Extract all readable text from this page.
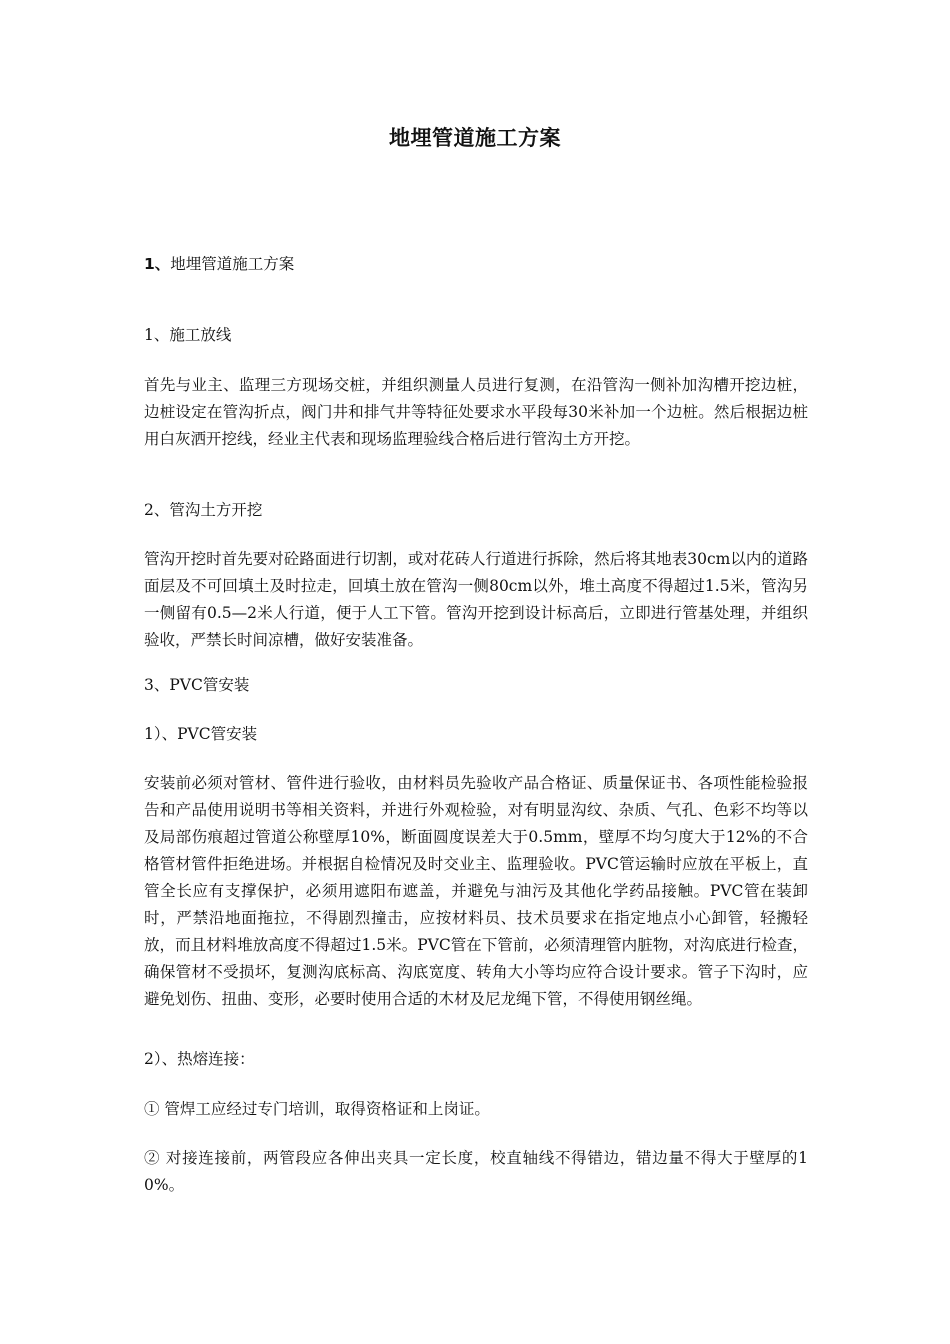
地埋管道施工方案
1、地埋管道施工方案
1、施工放线
首先与业主、监理三方现场交桩，并组织测量人员进行复测，在沿管沟一侧补加沟槽开挖边桩，边桩设定在管沟折点，阀门井和排气井等特征处要求水平段每30米补加一个边桩。然后根据边桩用白灰洒开挖线，经业主代表和现场监理验线合格后进行管沟土方开挖。
2、管沟土方开挖
管沟开挖时首先要对砼路面进行切割，或对花砖人行道进行拆除，然后将其地表30cm以内的道路面层及不可回填土及时拉走，回填土放在管沟一侧80cm以外，堆土高度不得超过1.5米，管沟另一侧留有0.5—2米人行道，便于人工下管。管沟开挖到设计标高后，立即进行管基处理，并组织验收，严禁长时间凉槽，做好安装准备。
3、PVC管安装
1）、PVC管安装
安装前必须对管材、管件进行验收，由材料员先验收产品合格证、质量保证书、各项性能检验报告和产品使用说明书等相关资料，并进行外观检验，对有明显沟纹、杂质、气孔、色彩不均等以及局部伤痕超过管道公称壁厚10%，断面圆度误差大于0.5mm，壁厚不均匀度大于12%的不合格管材管件拒绝进场。并根据自检情况及时交业主、监理验收。PVC管运输时应放在平板上，直管全长应有支撑保护，必须用遮阳布遮盖，并避免与油污及其他化学药品接触。PVC管在装卸时，严禁沿地面拖拉，不得剧烈撞击，应按材料员、技术员要求在指定地点小心卸管，轻搬轻放，而且材料堆放高度不得超过1.5米。PVC管在下管前，必须清理管内脏物，对沟底进行检查，确保管材不受损坏，复测沟底标高、沟底宽度、转角大小等均应符合设计要求。管子下沟时，应避免划伤、扭曲、变形，必要时使用合适的木材及尼龙绳下管，不得使用钢丝绳。
2）、热熔连接：
① 管焊工应经过专门培训，取得资格证和上岗证。
② 对接连接前，两管段应各伸出夹具一定长度，校直轴线不得错边，错边量不得大于壁厚的10%。
